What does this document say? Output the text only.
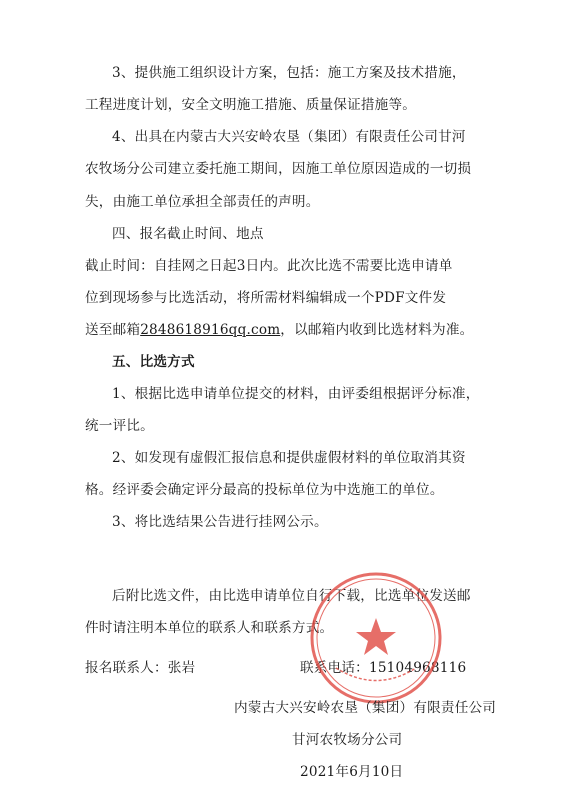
3、提供施工组织设计方案，包括：施工方案及技术措施，
工程进度计划，安全文明施工措施、质量保证措施等。
4、出具在内蒙古大兴安岭农垦（集团）有限责任公司甘河
农牧场分公司建立委托施工期间，因施工单位原因造成的一切损
失，由施工单位承担全部责任的声明。
四、报名截止时间、地点
截止时间：自挂网之日起3日内。此次比选不需要比选申请单
位到现场参与比选活动，将所需材料编辑成一个PDF文件发
送至邮箱2848618916qq.com，以邮箱内收到比选材料为准。
五、比选方式
1、根据比选申请单位提交的材料，由评委组根据评分标准，
统一评比。
2、如发现有虚假汇报信息和提供虚假材料的单位取消其资
格。经评委会确定评分最高的投标单位为中选施工的单位。
3、将比选结果公告进行挂网公示。
后附比选文件，由比选申请单位自行下载，比选单位发送邮
件时请注明本单位的联系人和联系方式。
报名联系人：张岩	联系电话：15104968116
内蒙古大兴安岭农垦（集团）有限责任公司
甘河农牧场分公司
2021年6月10日
